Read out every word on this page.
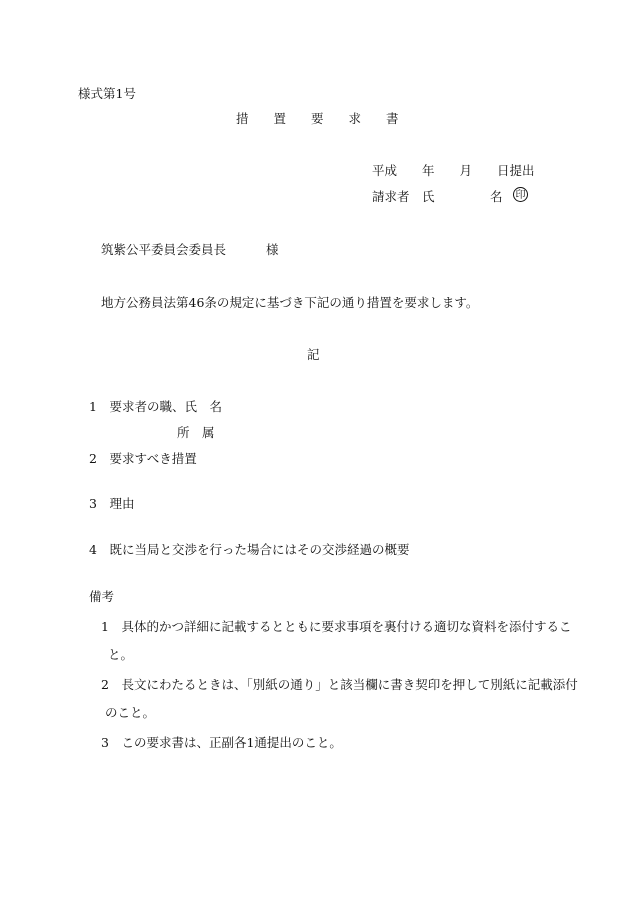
様式第1号
措　　置　　要　　求　　書
平成　　年　　月　　日提出
請求者　氏	名 印
筑紫公平委員会委員長	様
地方公務員法第46条の規定に基づき下記の通り措置を要求します。
記
1　要求者の職、氏　名
所　属
2　要求すべき措置
3　理由
4　既に当局と交渉を行った場合にはその交渉経過の概要
備考
1　具体的かつ詳細に記載するとともに要求事項を裏付ける適切な資料を添付するこ
と。
2　長文にわたるときは、「別紙の通り」と該当欄に書き契印を押して別紙に記載添付
のこと。
3　この要求書は、正副各1通提出のこと。
